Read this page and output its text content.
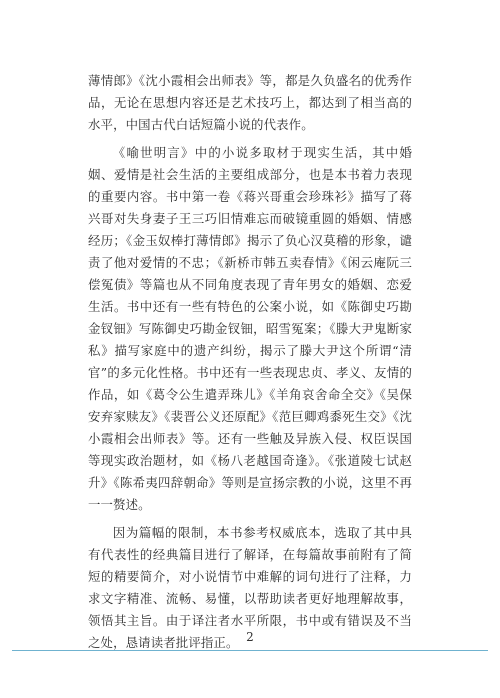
薄情郎》《沈小霞相会出师表》等，都是久负盛名的优秀作品，无论在思想内容还是艺术技巧上，都达到了相当高的水平，中国古代白话短篇小说的代表作。

《喻世明言》中的小说多取材于现实生活，其中婚姻、爱情是社会生活的主要组成部分，也是本书着力表现的重要内容。书中第一卷《蒋兴哥重会珍珠衫》描写了蒋兴哥对失身妻子王三巧旧情难忘而破镜重圆的婚姻、情感经历；《金玉奴棒打薄情郎》揭示了负心汉莫稽的形象，谴责了他对爱情的不忠；《新桥市韩五卖春情》《闲云庵阮三偿冤债》等篇也从不同角度表现了青年男女的婚姻、恋爱生活。书中还有一些有特色的公案小说，如《陈御史巧勘金钗钿》写陈御史巧勘金钗钿，昭雪冤案；《滕大尹鬼断家私》描写家庭中的遗产纠纷，揭示了滕大尹这个所谓“清官”的多元化性格。书中还有一些表现忠贞、孝义、友情的作品，如《葛令公生遣弄珠儿》《羊角哀舍命全交》《吴保安弃家赎友》《裴晋公义还原配》《范巨卿鸡黍死生交》《沈小霞相会出师表》等。还有一些触及异族入侵、权臣误国等现实政治题材，如《杨八老越国奇逢》。《张道陵七试赵升》《陈希夷四辞朝命》等则是宣扬宗教的小说，这里不再一一赘述。

因为篇幅的限制，本书参考权威底本，选取了其中具有代表性的经典篇目进行了解译，在每篇故事前附有了简短的精要简介，对小说情节中难解的词句进行了注释，力求文字精准、流畅、易懂，以帮助读者更好地理解故事，领悟其主旨。由于译注者水平所限，书中或有错误及不当之处，恳请读者批评指正。 2
